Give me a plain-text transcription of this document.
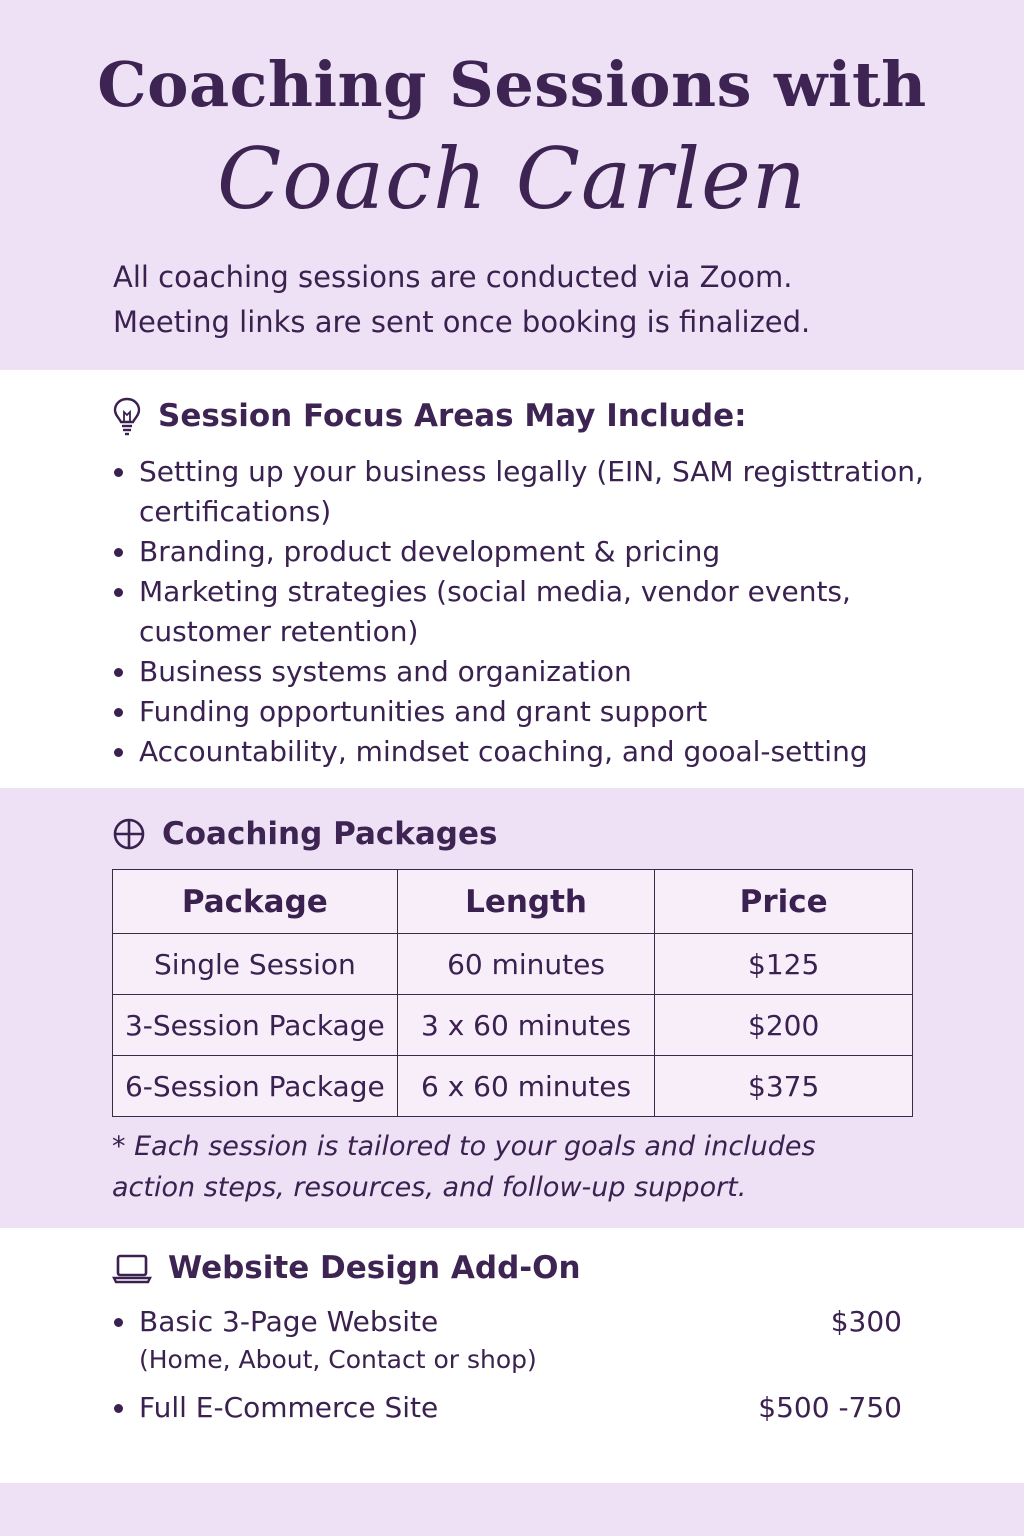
Coaching Sessions with
Coach Carlen
All coaching sessions are conducted via Zoom.
Meeting links are sent once booking is finalized.
Session Focus Areas May Include:
Setting up your business legally (EIN, SAM registtration, certifications)
Branding, product development & pricing
Marketing strategies (social media, vendor events, customer retention)
Business systems and organization
Funding opportunities and grant support
Accountability, mindset coaching, and gooal-setting
Coaching Packages
Package	Length	Price
Single Session	60 minutes	$125
3-Session Package	3 x 60 minutes	$200
6-Session Package	6 x 60 minutes	$375
* Each session is tailored to your goals and includes
action steps, resources, and follow-up support.
Website Design Add-On
Basic 3-Page Website	$300
(Home, About, Contact or shop)
Full E-Commerce Site	$500 -750
